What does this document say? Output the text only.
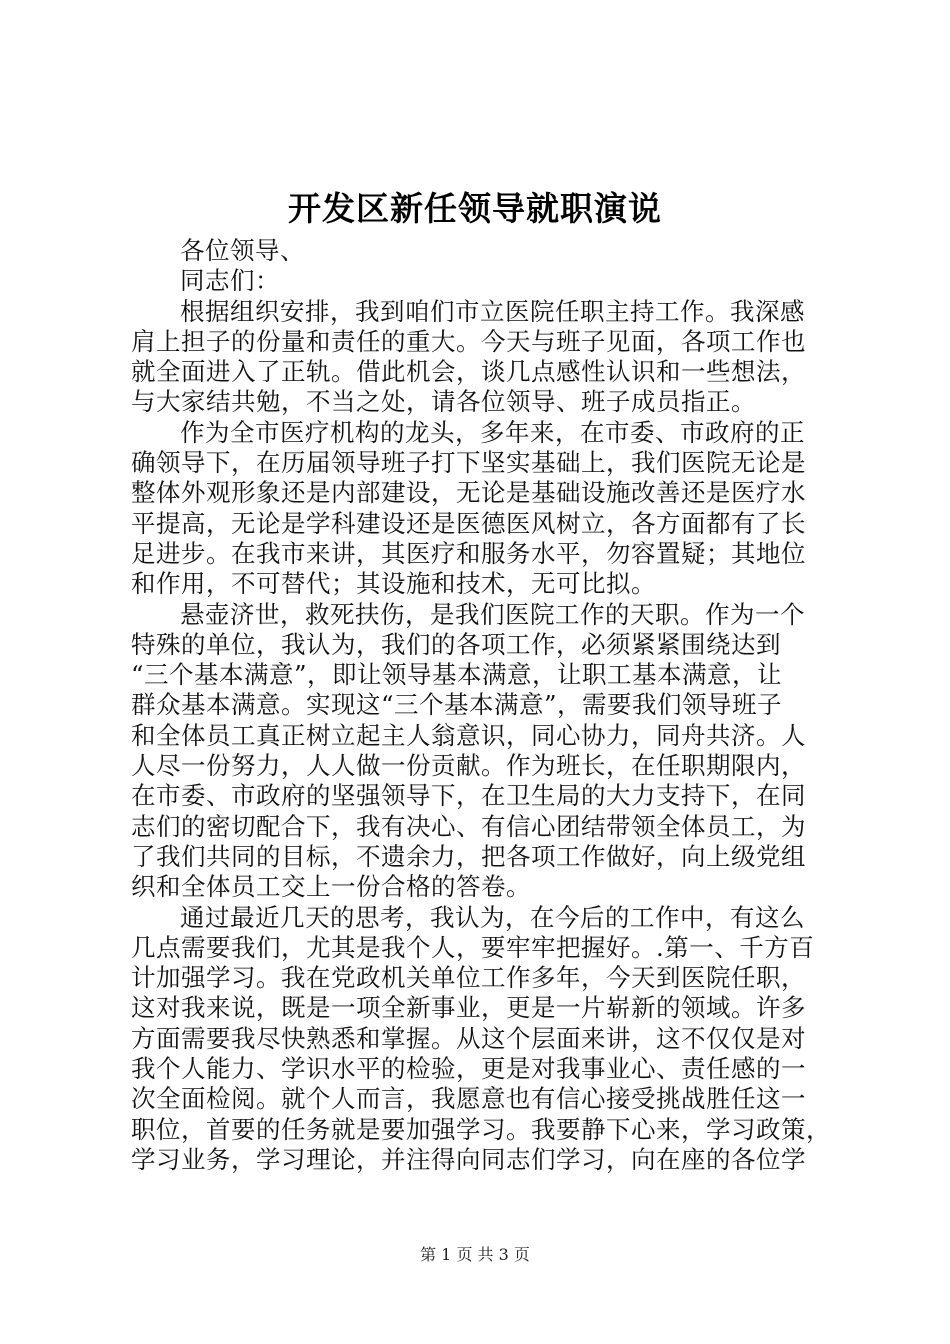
开发区新任领导就职演说
各位领导、
同志们：
根据组织安排，我到咱们市立医院任职主持工作。我深感
肩上担子的份量和责任的重大。今天与班子见面，各项工作也
就全面进入了正轨。借此机会，谈几点感性认识和一些想法，
与大家结共勉，不当之处，请各位领导、班子成员指正。
作为全市医疗机构的龙头，多年来，在市委、市政府的正
确领导下，在历届领导班子打下坚实基础上，我们医院无论是
整体外观形象还是内部建设，无论是基础设施改善还是医疗水
平提高，无论是学科建设还是医德医风树立，各方面都有了长
足进步。在我市来讲，其医疗和服务水平，勿容置疑；其地位
和作用，不可替代；其设施和技术，无可比拟。
悬壶济世，救死扶伤，是我们医院工作的天职。作为一个
特殊的单位，我认为，我们的各项工作，必须紧紧围绕达到
“三个基本满意”，即让领导基本满意，让职工基本满意，让
群众基本满意。实现这“三个基本满意”，需要我们领导班子
和全体员工真正树立起主人翁意识，同心协力，同舟共济。人
人尽一份努力，人人做一份贡献。作为班长，在任职期限内，
在市委、市政府的坚强领导下，在卫生局的大力支持下，在同
志们的密切配合下，我有决心、有信心团结带领全体员工，为
了我们共同的目标，不遗余力，把各项工作做好，向上级党组
织和全体员工交上一份合格的答卷。
通过最近几天的思考，我认为，在今后的工作中，有这么
几点需要我们，尤其是我个人，要牢牢把握好。.第一、千方百
计加强学习。我在党政机关单位工作多年，今天到医院任职，
这对我来说，既是一项全新事业，更是一片崭新的领域。许多
方面需要我尽快熟悉和掌握。从这个层面来讲，这不仅仅是对
我个人能力、学识水平的检验，更是对我事业心、责任感的一
次全面检阅。就个人而言，我愿意也有信心接受挑战胜任这一
职位，首要的任务就是要加强学习。我要静下心来，学习政策，
学习业务，学习理论，并注得向同志们学习，向在座的各位学
第 1 页 共 3 页
